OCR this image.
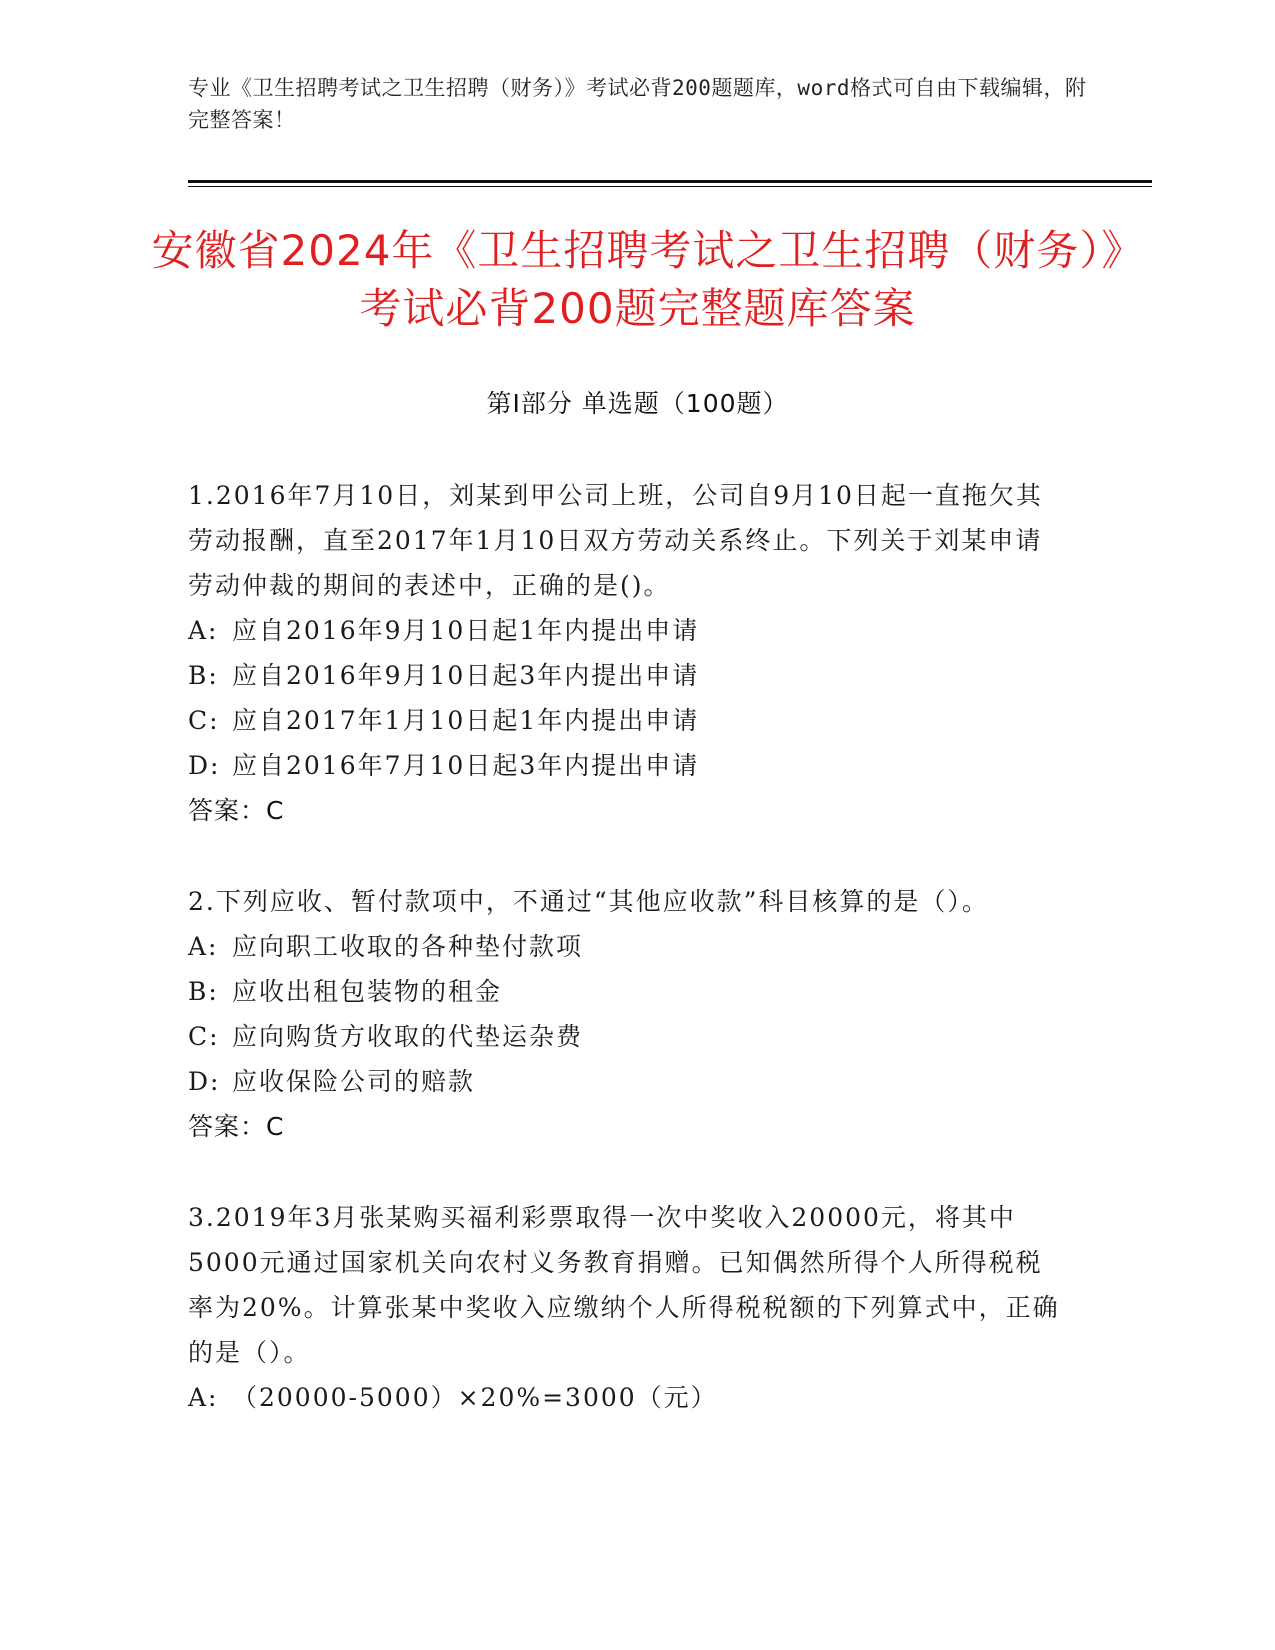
专业《卫生招聘考试之卫生招聘（财务）》考试必背200题题库，word格式可自由下载编辑，附完整答案！
安徽省2024年《卫生招聘考试之卫生招聘（财务）》考试必背200题完整题库答案
第Ⅰ部分 单选题（100题）

1.2016年7月10日，刘某到甲公司上班，公司自9月10日起一直拖欠其劳动报酬，直至2017年1月10日双方劳动关系终止。下列关于刘某申请劳动仲裁的期间的表述中，正确的是()。

A: 应自2016年9月10日起1年内提出申请
B: 应自2016年9月10日起3年内提出申请
C: 应自2017年1月10日起1年内提出申请
D: 应自2016年7月10日起3年内提出申请
答案：C

2.下列应收、暂付款项中，不通过“其他应收款”科目核算的是（）。

A: 应向职工收取的各种垫付款项
B: 应收出租包装物的租金
C: 应向购货方收取的代垫运杂费
D: 应收保险公司的赔款
答案：C

3.2019年3月张某购买福利彩票取得一次中奖收入20000元，将其中5000元通过国家机关向农村义务教育捐赠。已知偶然所得个人所得税税率为20%。计算张某中奖收入应缴纳个人所得税税额的下列算式中，正确的是（）。

A: （20000-5000）×20%=3000（元）
